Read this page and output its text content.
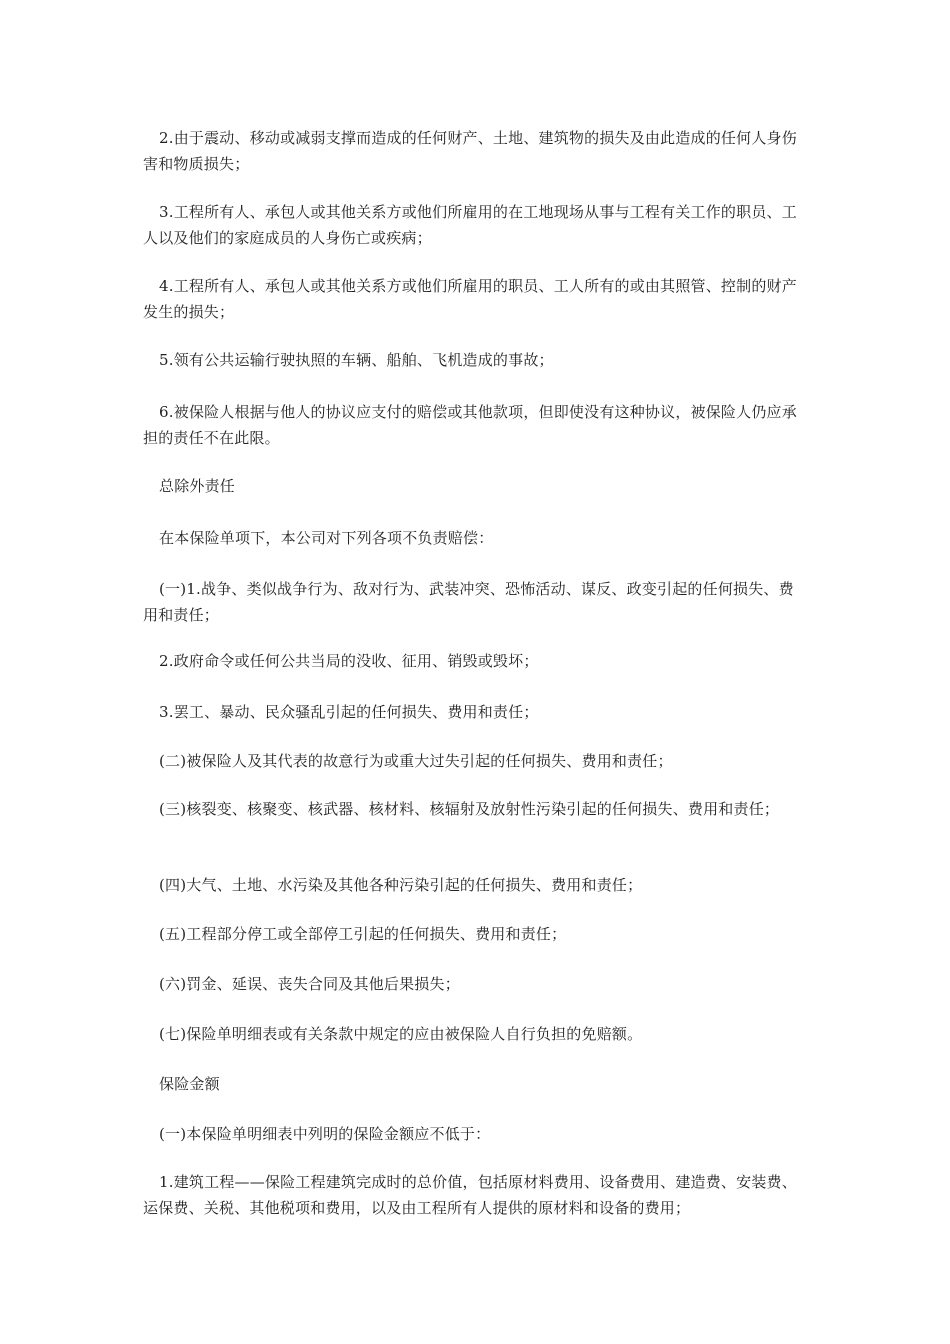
2.由于震动、移动或减弱支撑而造成的任何财产、土地、建筑物的损失及由此造成的任何人身伤害和物质损失；

3.工程所有人、承包人或其他关系方或他们所雇用的在工地现场从事与工程有关工作的职员、工人以及他们的家庭成员的人身伤亡或疾病；

4.工程所有人、承包人或其他关系方或他们所雇用的职员、工人所有的或由其照管、控制的财产发生的损失；

5.领有公共运输行驶执照的车辆、船舶、飞机造成的事故；

6.被保险人根据与他人的协议应支付的赔偿或其他款项，但即使没有这种协议，被保险人仍应承担的责任不在此限。

总除外责任

在本保险单项下，本公司对下列各项不负责赔偿：

(一)1.战争、类似战争行为、敌对行为、武装冲突、恐怖活动、谋反、政变引起的任何损失、费用和责任；

2.政府命令或任何公共当局的没收、征用、销毁或毁坏；

3.罢工、暴动、民众骚乱引起的任何损失、费用和责任；

(二)被保险人及其代表的故意行为或重大过失引起的任何损失、费用和责任；

(三)核裂变、核聚变、核武器、核材料、核辐射及放射性污染引起的任何损失、费用和责任；

(四)大气、土地、水污染及其他各种污染引起的任何损失、费用和责任；

(五)工程部分停工或全部停工引起的任何损失、费用和责任；

(六)罚金、延误、丧失合同及其他后果损失；

(七)保险单明细表或有关条款中规定的应由被保险人自行负担的免赔额。

保险金额

(一)本保险单明细表中列明的保险金额应不低于：

1.建筑工程——保险工程建筑完成时的总价值，包括原材料费用、设备费用、建造费、安装费、运保费、关税、其他税项和费用，以及由工程所有人提供的原材料和设备的费用；
